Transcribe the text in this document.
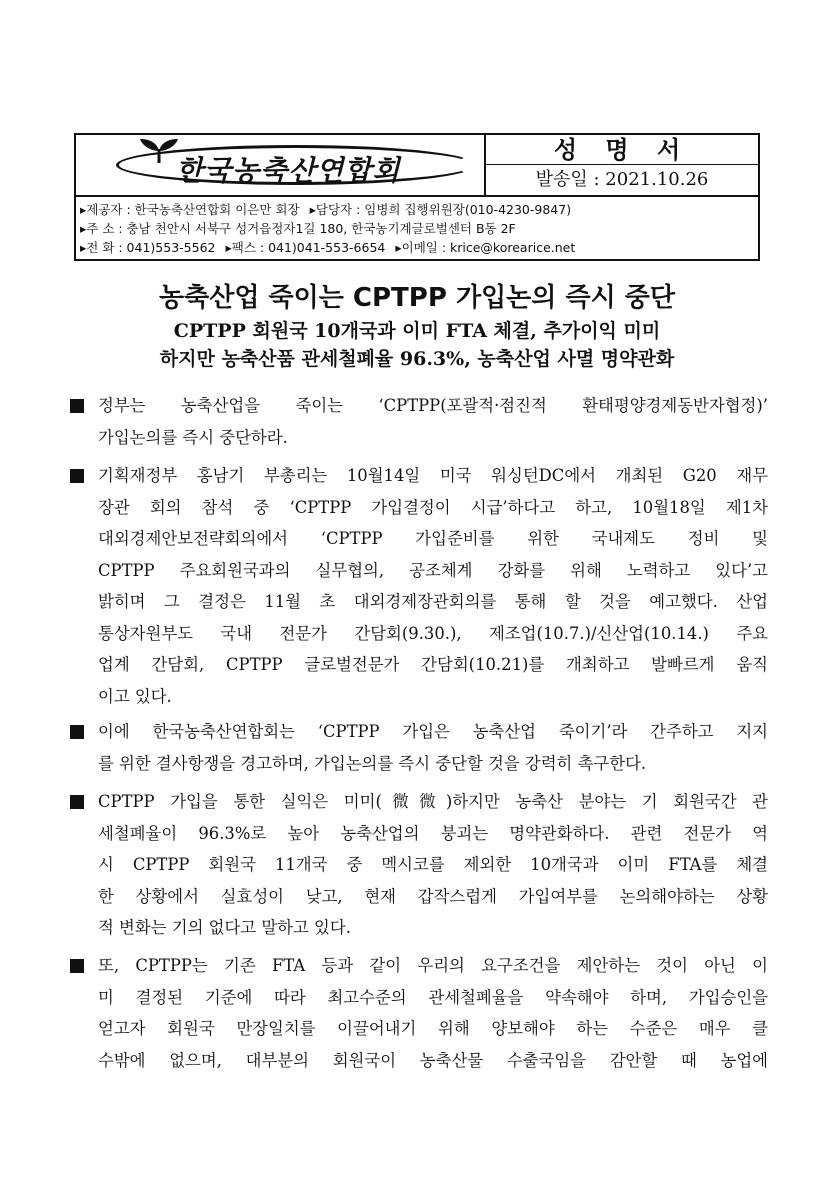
한국농축산연합회
성 명 서
발송일 : 2021.10.26
▸제공자 : 한국농축산연합회 이은만 회장 ▸담당자 : 임병희 집행위원장(010-4230-9847)
▸주 소 : 충남 천안시 서북구 성거읍정자1길 180, 한국농기계글로벌센터 B동 2F
▸전 화 : 041)553-5562 ▸팩스 : 041)041-553-6654 ▸이메일 : krice@korearice.net
농축산업 죽이는 CPTPP 가입논의 즉시 중단
CPTPP 회원국 10개국과 이미 FTA 체결, 추가이익 미미
하지만 농축산품 관세철폐율 96.3%, 농축산업 사멸 명약관화
정부는 농축산업을 죽이는 ‘CPTPP(포괄적·점진적 환태평양경제동반자협정)’
가입논의를 즉시 중단하라.
기획재정부 홍남기 부총리는 10월14일 미국 워싱턴DC에서 개최된 G20 재무
장관 회의 참석 중 ‘CPTPP 가입결정이 시급’하다고 하고, 10월18일 제1차
대외경제안보전략회의에서 ‘CPTPP 가입준비를 위한 국내제도 정비 및
CPTPP 주요회원국과의 실무협의, 공조체계 강화를 위해 노력하고 있다’고
밝히며 그 결정은 11월 초 대외경제장관회의를 통해 할 것을 예고했다. 산업
통상자원부도 국내 전문가 간담회(9.30.), 제조업(10.7.)/신산업(10.14.) 주요
업계 간담회, CPTPP 글로벌전문가 간담회(10.21)를 개최하고 발빠르게 움직
이고 있다.
이에 한국농축산연합회는 ‘CPTPP 가입은 농축산업 죽이기’라 간주하고 지지
를 위한 결사항쟁을 경고하며, 가입논의를 즉시 중단할 것을 강력히 촉구한다.
CPTPP 가입을 통한 실익은 미미(微微)하지만 농축산 분야는 기 회원국간 관
세철폐율이 96.3%로 높아 농축산업의 붕괴는 명약관화하다. 관련 전문가 역
시 CPTPP 회원국 11개국 중 멕시코를 제외한 10개국과 이미 FTA를 체결
한 상황에서 실효성이 낮고, 현재 갑작스럽게 가입여부를 논의해야하는 상황
적 변화는 기의 없다고 말하고 있다.
또, CPTPP는 기존 FTA 등과 같이 우리의 요구조건을 제안하는 것이 아닌 이
미 결정된 기준에 따라 최고수준의 관세철폐율을 약속해야 하며, 가입승인을
얻고자 회원국 만장일치를 이끌어내기 위해 양보해야 하는 수준은 매우 클
수밖에 없으며, 대부분의 회원국이 농축산물 수출국임을 감안할 때 농업에
